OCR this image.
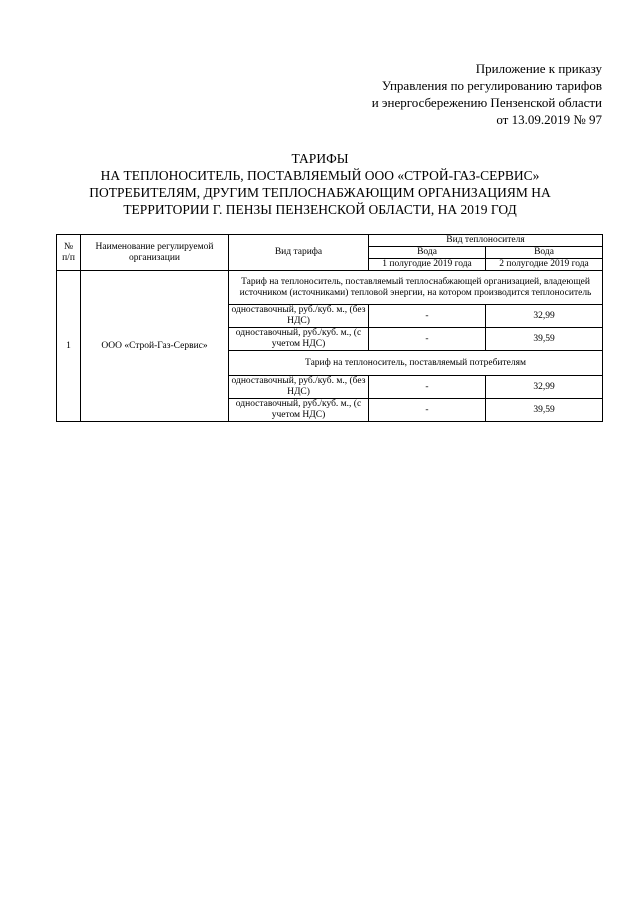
Приложение к приказу
Управления по регулированию тарифов
и энергосбережению Пензенской области
от 13.09.2019 № 97
ТАРИФЫ
НА ТЕПЛОНОСИТЕЛЬ, ПОСТАВЛЯЕМЫЙ ООО «СТРОЙ-ГАЗ-СЕРВИС»
ПОТРЕБИТЕЛЯМ, ДРУГИМ ТЕПЛОСНАБЖАЮЩИМ ОРГАНИЗАЦИЯМ НА
ТЕРРИТОРИИ Г. ПЕНЗЫ ПЕНЗЕНСКОЙ ОБЛАСТИ, НА 2019 ГОД
№ п/п	Наименование регулируемой организации	Вид тарифа	Вид теплоносителя	
			Вода	Вода
			1 полугодие 2019 года	2 полугодие 2019 года
1	ООО «Строй-Газ-Сервис»	Тариф на теплоноситель, поставляемый теплоснабжающей организацией, владеющей источником (источниками) тепловой энергии, на котором производится теплоноситель		
		одноставочный, руб./куб. м., (без НДС)	-	32,99
		одноставочный, руб./куб. м., (с учетом НДС)	-	39,59
		Тариф на теплоноситель, поставляемый потребителям		
		одноставочный, руб./куб. м., (без НДС)	-	32,99
		одноставочный, руб./куб. м., (с учетом НДС)	-	39,59
